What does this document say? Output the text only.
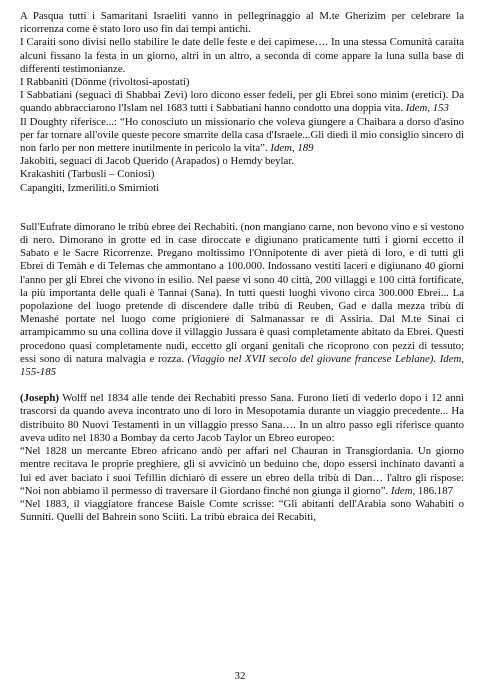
A Pasqua tutti i Samaritani Israeliti vanno in pellegrinaggio al M.te Gherizim per celebrare la ricorrenza come è stato loro uso fin dai tempi antichi.

I Caraiti sono divisi nello stabilire le date delle feste e dei capimese…. In una stessa Comunità caraita alcuni fissano la festa in un giorno, altri in un altro, a seconda di come appare la luna sulla base di differenti testimonianze.

I Rabbaniti (Dönme (rivoltosi-apostati)

I Sabbatiani (seguaci di Shabbai Zevi) loro dicono esser fedeli, per gli Ebrei sono minim (eretici). Da quando abbracciarono l'Islam nel 1683 tutti i Sabbatiani hanno condotto una doppia vita. Idem, 153

Il Doughty riferisce...: “Ho conosciuto un missionario che voleva giungere a Chaibara a dorso d'asino per far tornare all'ovile queste pecore smarrite della casa d'Israele...Gli diedi il mio consiglio sincero di non farlo per non mettere inutilmente in pericolo la vita”. Idem, 189

Jakobiti, seguaci di Jacob Querido (Arapados) o Hemdy beylar.

Krakashiti (Tarbusli – Coniosi)

Capangiti, Izmeriliti.o Smirnioti

Sull'Eufrate dimorano le tribù ebree dei Rechabiti. (non mangiano carne, non bevono vino e si vestono di nero. Dimorano in grotte ed in case diroccate e digiunano praticamente tutti i giorni eccetto il Sabato e le Sacre Ricorrenze. Pregano moltissimo l'Onnipotente di aver pietà di loro, e di tutti gli Ebrei di Temàh e di Telemas che ammontano a 100.000. Indossano vestiti laceri e digiunano 40 giorni l'anno per gli Ebrei che vivono in esilio. Nel paese vi sono 40 città, 200 villaggi e 100 città fortificate, la più importanta delle quali è Tannai (Sana). In tutti questi luoghi vivono circa 300.000 Ebrei... La popolazione del luogo pretende di discendere dalle tribù di Reuben, Gad e dalla mezza tribù di Menashé portate nel luogo come prigioniere di Salmanassar re di Assiria. Dal M.te Sinai ci arrampicammo su una collina dove il villaggio Jussara è quasi completamente abitato da Ebrei. Questi procedono quasi completamente nudi, eccetto gli organi genitali che ricoprono con pezzi di tessuto; essi sono di natura malvagia e rozza. (Viaggio nel XVII secolo del giovane francese Leblane). Idem, 155-185

(Joseph) Wolff nel 1834 alle tende dei Rechabiti presso Sana. Furono lieti di vederlo dopo i 12 anni trascorsi da quando aveva incontrato uno di loro in Mesopotamia durante un viaggio precedente... Ha distribuito 80 Nuovi Testamenti in un villaggio presso Sana…. In un altro passo egli riferisce quanto aveva udito nel 1830 a Bombay da certo Jacob Taylor un Ebreo europeo:

“Nel 1828 un mercante Ebreo africano andò per affari nel Chauran in Transgiordania. Un giorno mentre recitava le proprie preghiere, gli si avvicinò un beduino che, dopo essersi inchinato davanti a lui ed aver baciato i suoi Tefillin dichiarò di essere un ebreo della tribù di Dan… l'altro gli rispose: “Noi non abbiamo il permesso di traversare il Giordano finché non giunga il giorno”. Idem, 186.187

“Nel 1883, il viaggiatore francese Baisle Comte scrisse: “Gli abitanti dell'Arabia sono Wahabiti o Sunniti. Quelli del Bahrein sono Sciiti. La tribù ebraica dei Recabiti,

32
